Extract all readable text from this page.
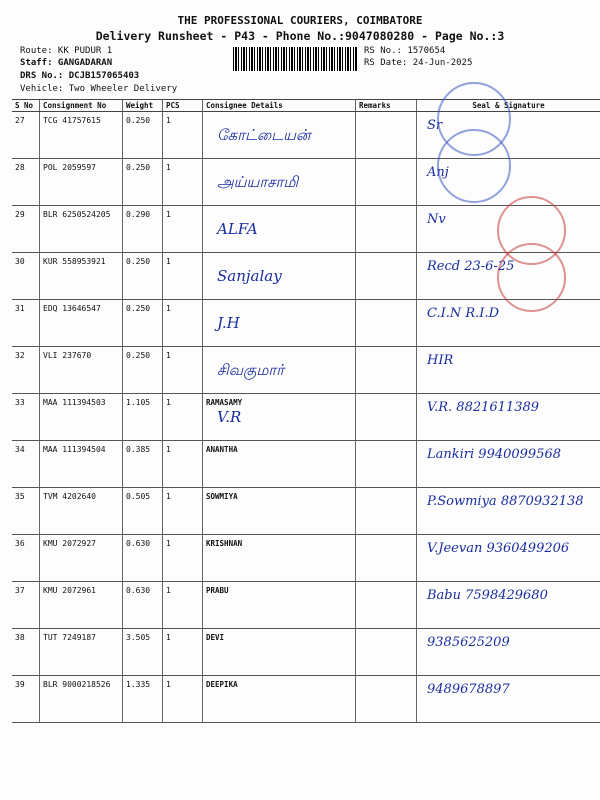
THE PROFESSIONAL COURIERS, COIMBATORE
Delivery Runsheet - P43 - Phone No.:9047080280 - Page No.:3
Route: KK PUDUR 1
Staff: GANGADARAN
DRS No.: DCJB157065403
Vehicle: Two Wheeler Delivery
RS No.: 1570654
RS Date: 24-Jun-2025
S No	Consignment No	Weight	PCS	Consignee Details	Remarks	Seal & Signature
27	TCG 41757615	0.250	1	கோட்டையன்		Sr

28	POL 2059597	0.250	1	அய்யாசாமி		Anj

29	BLR 6250524205	0.290	1	ALFA		Nv

30	KUR 558953921	0.250	1	Sanjalay		Recd 23-6-25

31	EDQ 13646547	0.250	1	J.H		C.I.N R.I.D

32	VLI 237670	0.250	1	சிவகுமார்		HIR

33	MAA 111394503	1.105	1	RAMASAMY
V.R		V.R. 8821611389

34	MAA 111394504	0.385	1	ANANTHA		Lankiri 9940099568

35	TVM 4202640	0.505	1	SOWMIYA		P.Sowmiya 8870932138

36	KMU 2072927	0.630	1	KRISHNAN		V.Jeevan 9360499206

37	KMU 2072961	0.630	1	PRABU		Babu 7598429680

38	TUT 7249187	3.505	1	DEVI		9385625209

39	BLR 9000218526	1.335	1	DEEPIKA		9489678897
